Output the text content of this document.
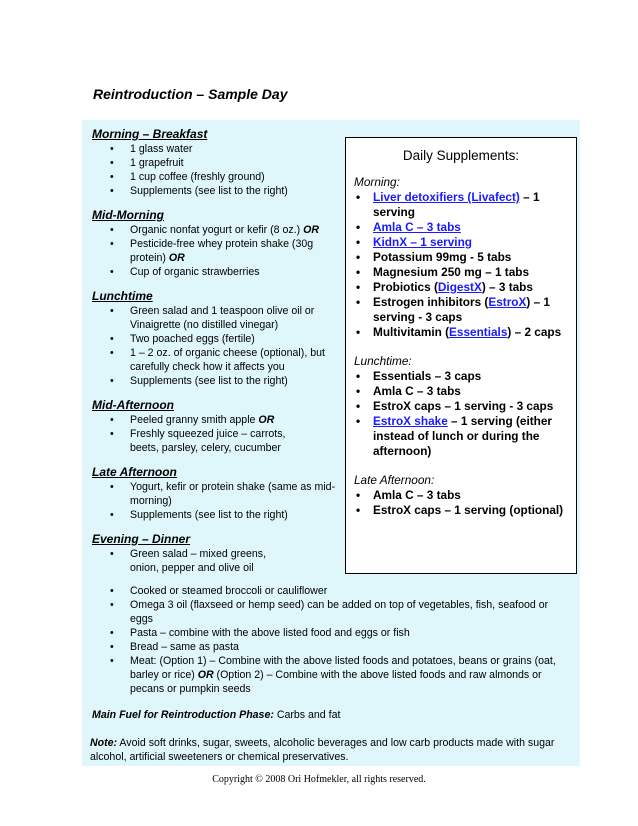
Reintroduction – Sample Day
Morning – Breakfast
• 1 glass water
• 1 grapefruit
• 1 cup coffee (freshly ground)
• Supplements (see list to the right)
Mid-Morning
• Organic nonfat yogurt or kefir (8 oz.) OR
• Pesticide-free whey protein shake (30g protein) OR
• Cup of organic strawberries
Lunchtime
• Green salad and 1 teaspoon olive oil or Vinaigrette (no distilled vinegar)
• Two poached eggs (fertile)
• 1 – 2 oz. of organic cheese (optional), but carefully check how it affects you
• Supplements (see list to the right)
Mid-Afternoon
• Peeled granny smith apple OR
• Freshly squeezed juice – carrots, beets, parsley, celery, cucumber
Late Afternoon
• Yogurt, kefir or protein shake (same as mid-morning)
• Supplements (see list to the right)
Evening – Dinner
• Green salad – mixed greens, onion, pepper and olive oil
• Cooked or steamed broccoli or cauliflower
• Omega 3 oil (flaxseed or hemp seed) can be added on top of vegetables, fish, seafood or eggs
• Pasta – combine with the above listed food and eggs or fish
• Bread – same as pasta
• Meat: (Option 1) – Combine with the above listed foods and potatoes, beans or grains (oat, barley or rice) OR (Option 2) – Combine with the above listed foods and raw almonds or pecans or pumpkin seeds
Main Fuel for Reintroduction Phase: Carbs and fat
Note: Avoid soft drinks, sugar, sweets, alcoholic beverages and low carb products made with sugar alcohol, artificial sweeteners or chemical preservatives.
Daily Supplements:
Morning:
• Liver detoxifiers (Livafect) – 1 serving
• Amla C – 3 tabs
• KidnX – 1 serving
• Potassium 99mg - 5 tabs
• Magnesium 250 mg – 1 tabs
• Probiotics (DigestX) – 3 tabs
• Estrogen inhibitors (EstroX) – 1 serving - 3 caps
• Multivitamin (Essentials) – 2 caps
Lunchtime:
• Essentials – 3 caps
• Amla C – 3 tabs
• EstroX caps – 1 serving - 3 caps
• EstroX shake – 1 serving (either instead of lunch or during the afternoon)
Late Afternoon:
• Amla C – 3 tabs
• EstroX caps – 1 serving (optional)
Copyright © 2008 Ori Hofmekler, all rights reserved.
